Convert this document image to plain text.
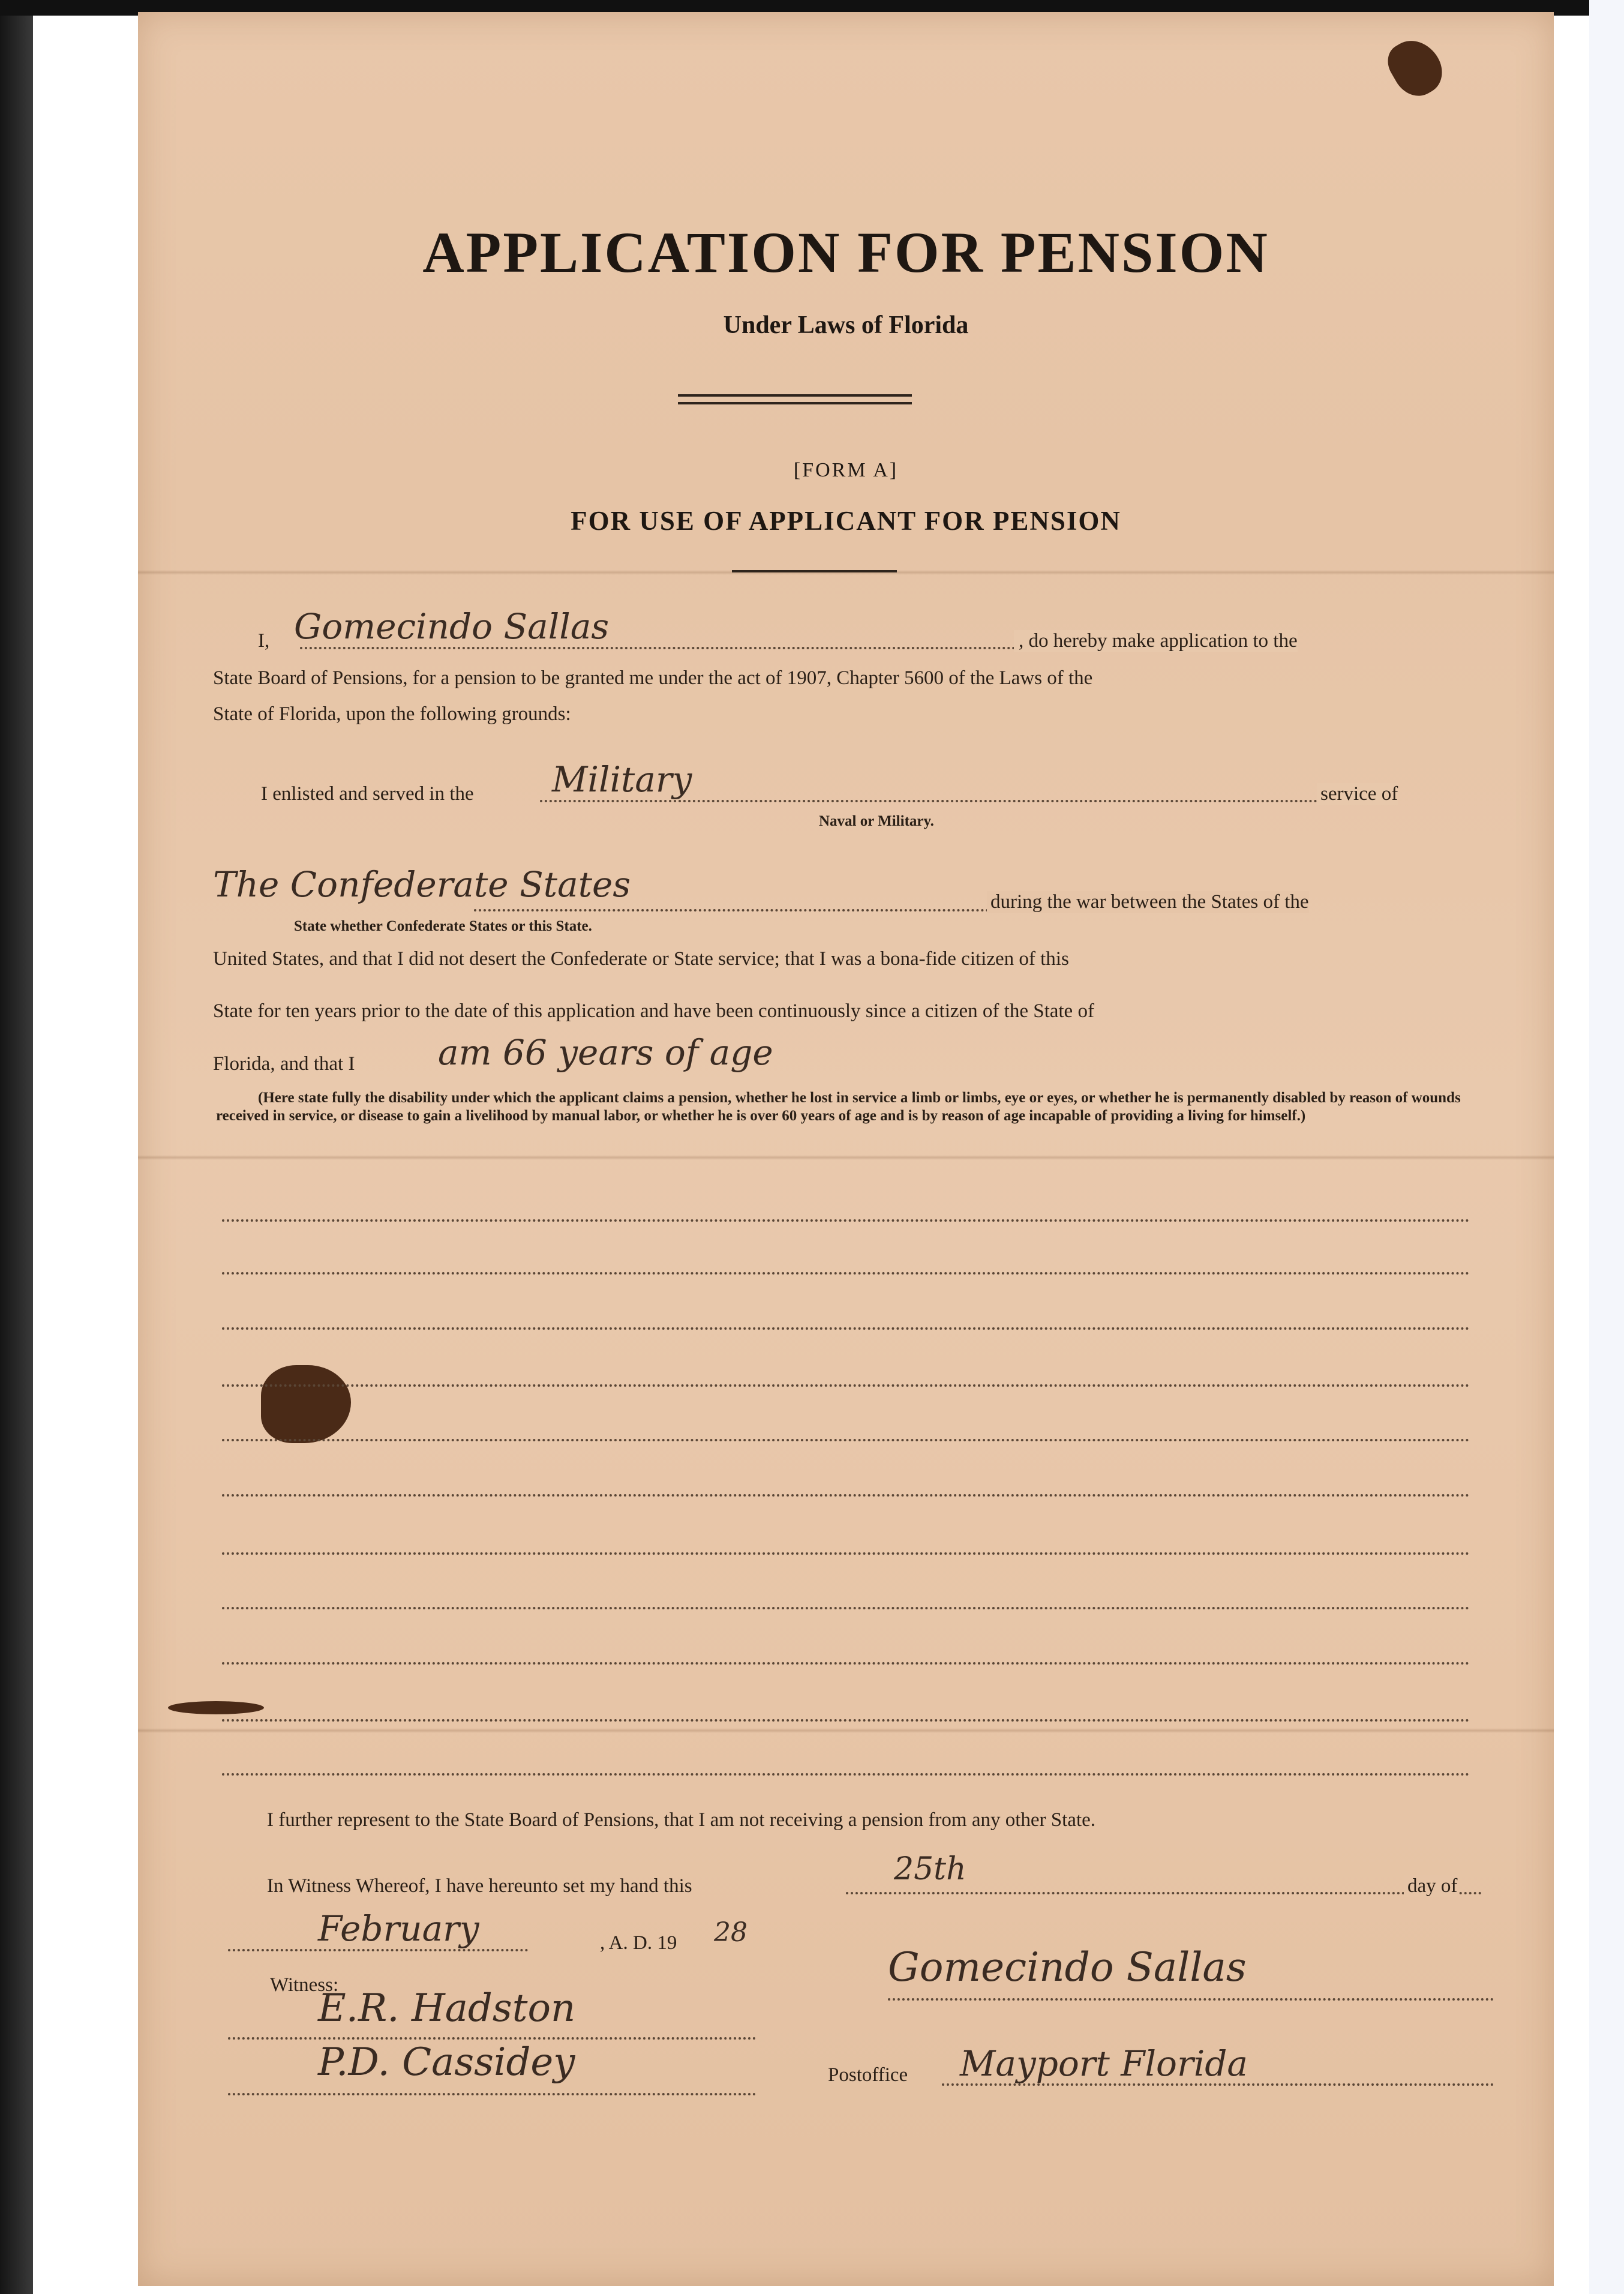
APPLICATION FOR PENSION
Under Laws of Florida
[FORM A]
FOR USE OF APPLICANT FOR PENSION
I, Gomecindo Sallas	, do hereby make application to the
State Board of Pensions, for a pension to be granted me under the act of 1907, Chapter 5600 of the Laws of the
State of Florida, upon the following grounds:
I enlisted and served in the Military	service of
Naval or Military.
The Confederate States	during the war between the States of the
State whether Confederate States or this State.
United States, and that I did not desert the Confederate or State service; that I was a bona-fide citizen of this
State for ten years prior to the date of this application and have been continuously since a citizen of the State of
Florida, and that I am 66 years of age
(Here state fully the disability under which the applicant claims a pension, whether he lost in service a limb or limbs, eye or eyes, or whether he is permanently disabled by reason of wounds received in service, or disease to gain a livelihood by manual labor, or whether he is over 60 years of age and is by reason of age incapable of providing a living for himself.)
I further represent to the State Board of Pensions, that I am not receiving a pension from any other State.
In Witness Whereof, I have hereunto set my hand this	25th	day of
February	, A. D. 19 28
Witness:
E.R. Hadston
P.D. Cassidey
Gomecindo Sallas
Postoffice Mayport Florida
